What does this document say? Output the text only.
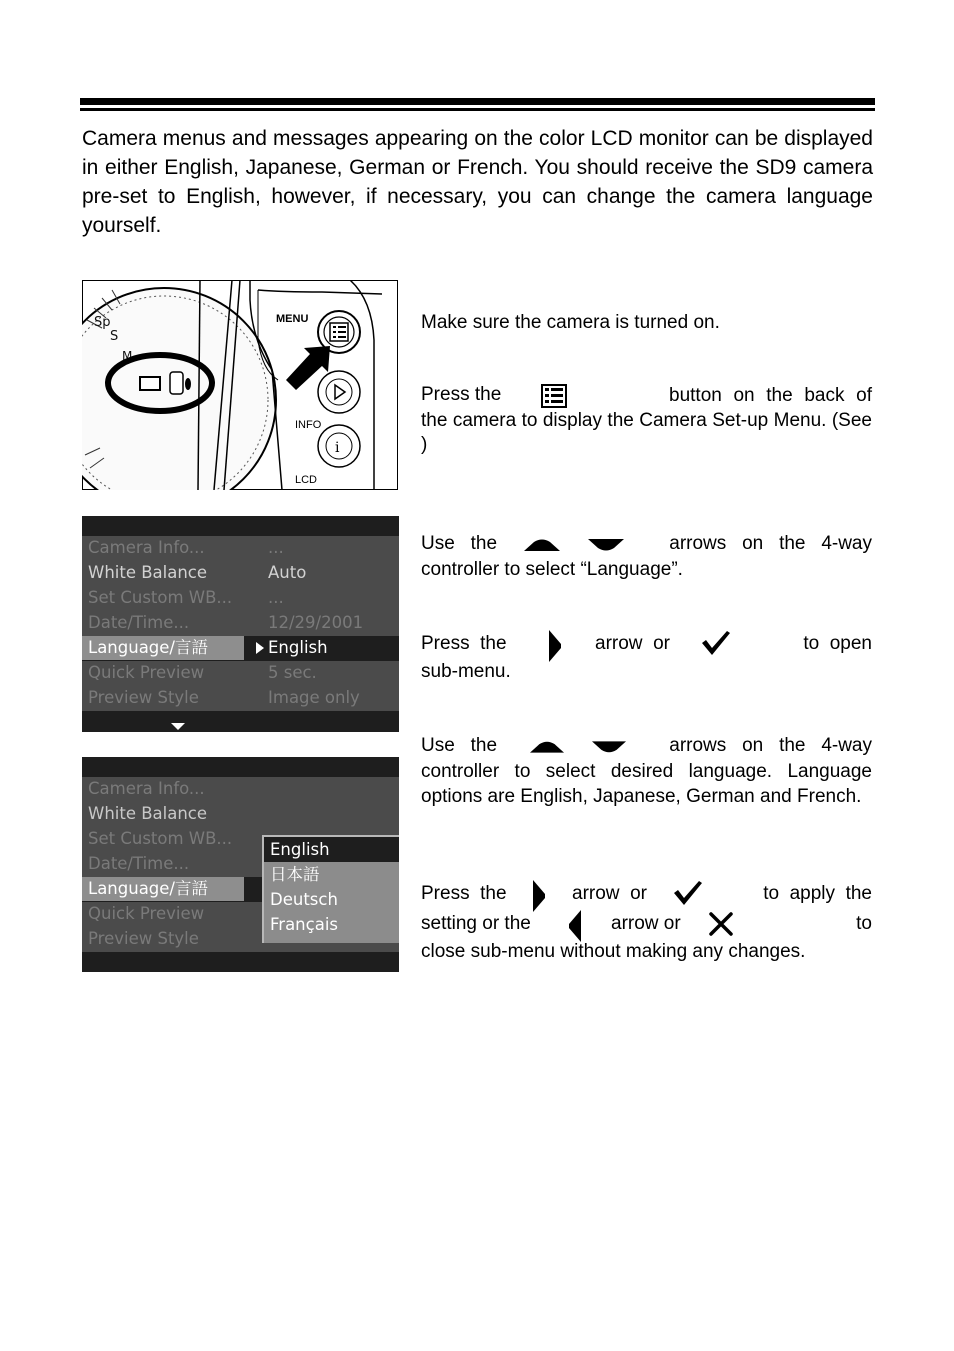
Camera menus and messages appearing on the color LCD monitor can be displayed in either English, Japanese, German or French. You should receive the SD9 camera pre-set to English, however, if necessary, you can change the camera language yourself.
Sp
S
M
MENU
INFO
i
LCD
Make sure the camera is turned on.
Press the	button on the back of the camera to display the Camera Set-up Menu. (See )
Camera Info...	...
White Balance	Auto
Set Custom WB...	...
Date/Time...	12/29/2001
Language/言語	English
Quick Preview	5 sec.
Preview Style	Image only
Use   the	arrows   on   the   4-way
controller to select “Language”.
Press  the	arrow  or	to  open
sub-menu.
Use   the	arrows   on   the   4-way
controller to select desired language. Language options are English, Japanese, German and French.
Camera Info...
White Balance
Set Custom WB...
Date/Time...
Language/言語
Quick Preview
Preview Style
English
日本語
Deutsch
Français
Press  the	arrow  or	to  apply  the
setting or the	arrow or	to
close sub-menu without making any changes.
